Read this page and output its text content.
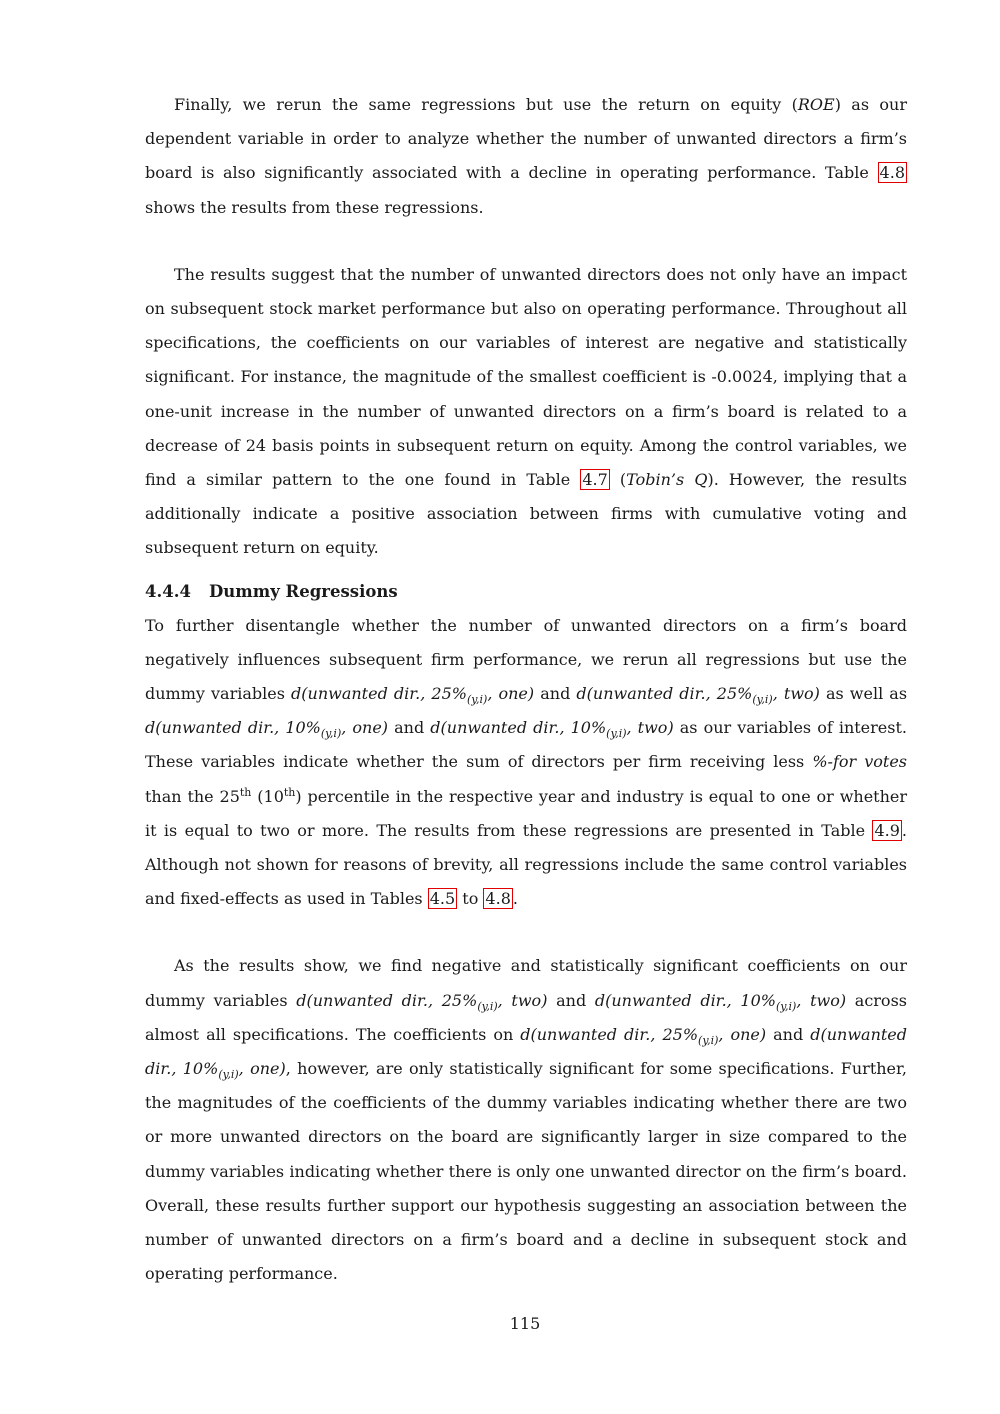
Finally, we rerun the same regressions but use the return on equity (ROE) as our dependent variable in order to analyze whether the number of unwanted directors a firm’s board is also significantly associated with a decline in operating performance. Table 4.8 shows the results from these regressions.

The results suggest that the number of unwanted directors does not only have an impact on subsequent stock market performance but also on operating performance. Throughout all specifications, the coefficients on our variables of interest are negative and statistically significant. For instance, the magnitude of the smallest coefficient is -0.0024, implying that a one-unit increase in the number of unwanted directors on a firm’s board is related to a decrease of 24 basis points in subsequent return on equity. Among the control variables, we find a similar pattern to the one found in Table 4.7 (Tobin’s Q). However, the results additionally indicate a positive association between firms with cumulative voting and subsequent return on equity.

4.4.4 Dummy Regressions

To further disentangle whether the number of unwanted directors on a firm’s board negatively influences subsequent firm performance, we rerun all regressions but use the dummy variables d(unwanted dir., $25\%_{(y,i)}$, one) and d(unwanted dir., $25\%_{(y,i)}$, two) as well as d(unwanted dir., $10\%_{(y,i)}$, one) and d(unwanted dir., $10\%_{(y,i)}$, two) as our variables of interest. These variables indicate whether the sum of directors per firm receiving less %-for votes than the 25th (10th) percentile in the respective year and industry is equal to one or whether it is equal to two or more. The results from these regressions are presented in Table 4.9 . Although not shown for reasons of brevity, all regressions include the same control variables and fixed-effects as used in Tables 4.5 to 4.8 .

As the results show, we find negative and statistically significant coefficients on our dummy variables d(unwanted dir., $25\%_{(y,i)}$, two) and d(unwanted dir., $10\%_{(y,i)}$, two) across almost all specifications. The coefficients on d(unwanted dir., $25\%_{(y,i)}$, one) and d(unwanted dir., $10\%_{(y,i)}$, one), however, are only statistically significant for some specifications. Further, the magnitudes of the coefficients of the dummy variables indicating whether there are two or more unwanted directors on the board are significantly larger in size compared to the dummy variables indicating whether there is only one unwanted director on the firm’s board. Overall, these results further support our hypothesis suggesting an association between the number of unwanted directors on a firm’s board and a decline in subsequent stock and operating performance.

115
